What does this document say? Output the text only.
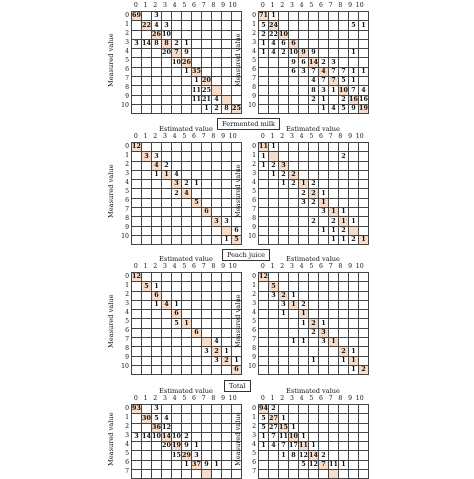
0 1 2 3 4 5 6 7 8 9 10
0
1
2
3
4
5
6
7
8
9
10
Measured value
69		3								
	22	4	3							
		26	10							
3	14	8	8	2	1					
			20	7	9					
				10	26					
					1	35				
						1	20			
						11	25			
						11	21	4		
							1	2	8	25
0 1 2 3 4 5 6 7 8 9 10
0
1
2
3
4
5
6
7
8
9
10
Measured value
71	1									
5	24								5	1
2	22	10								
1	4	6	6							
1	4	2	10	9	9				1	
			9	6	14	2	3			
			6	3	7	4	7	7	1	1
					4	7	7	5	1	
					8	3	1	10	7	4
					2	1		2	16	16
						1	4	5	9	19
Estimated value
0 1 2 3 4 5 6 7 8 9 10
0
1
2
3
4
5
6
7
8
9
10
Measured value
12										
	3	3								
		4	2							
		1	1	4						
				3	2	1				
				2	4					
						5				
							6			
								3	3	
										6
									1	5
Estimated value
0 1 2 3 4 5 6 7 8 9 10
0
1
2
3
4
5
6
7
8
9
10
Measured value
11	1									
1								2		
1	2	3								
	1	2	2							
		1	2	1	2					
				2	2	1				
				3	2	1				
						3	1	1		
					2		2	1	1	
						1	1	2		
							1	1	2	1
Estimated value
0 1 2 3 4 5 6 7 8 9 10
0
1
2
3
4
5
6
7
8
9
10
Measured value
12										
	5	1								
		6								
		1	4	1						
				6						
				5	1					
						6				
								4		
							3	2	1	
								3	2	1
										6
Estimated value
0 1 2 3 4 5 6 7 8 9 10
0
1
2
3
4
5
6
7
8
9
10
Measured value
12										
	5									
	3	2	1							
		3	1	2						
		1		1						
				1	2	1				
					2	3				
			1	1		3	1			
								2	1	
					1			1	1	
									1	2
Estimated value
0 1 2 3 4 5 6 7 8 9 10
0
1
2
3
4
5
6
7
Measured value
93		3								
	30	5	4							
		36	12							
3	14	10	14	10	2					
			20	19	9	1				
				15	29	3				
					1	37	9	1		

Estimated value
0 1 2 3 4 5 6 7 8 9 10
0
1
2
3
4
5
6
7
Measured value
94	2									
5	27	1								
5	27	15	1							
1	7	11	10	1						
1	4	7	17	11	1					
		1	8	12	14	2				
				5	12	7	11	1		

Fermented milk
Peach juice
Total
